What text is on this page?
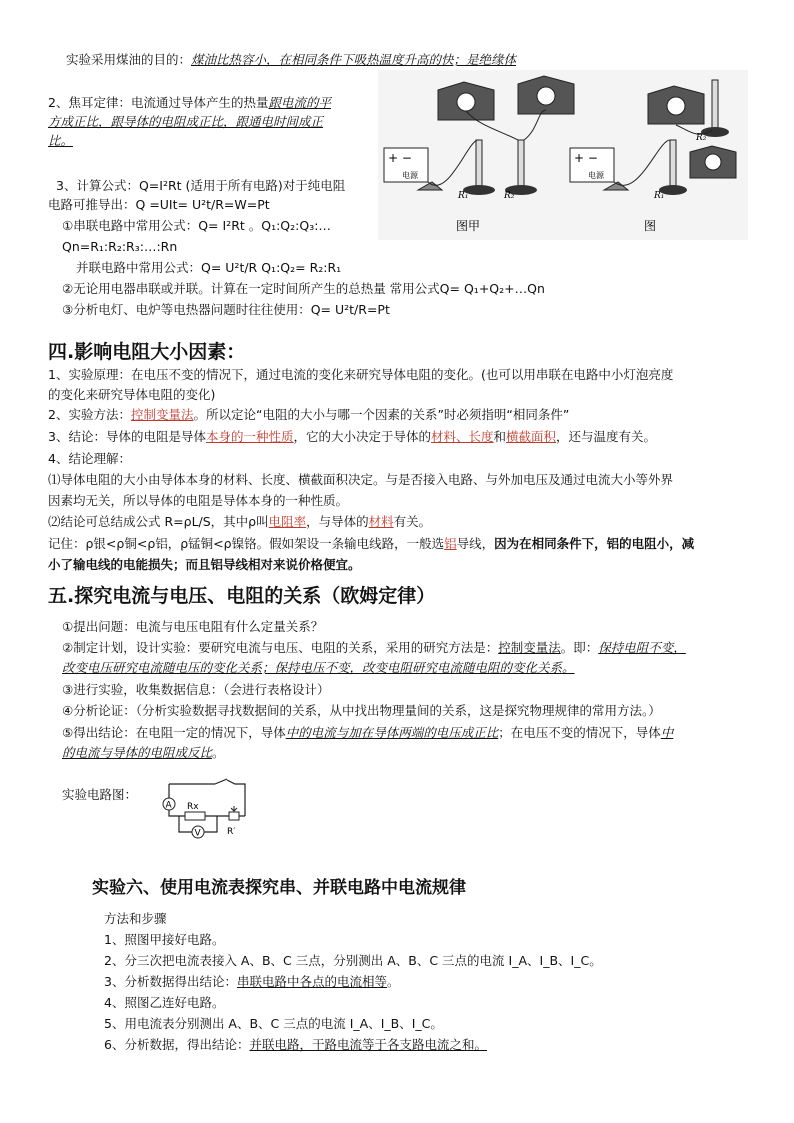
实验采用煤油的目的：煤油比热容小，在相同条件下吸热温度升高的快；是绝缘体
2、焦耳定律：电流通过导体产生的热量跟电流的平
方成正比，跟导体的电阻成正比，跟通电时间成正
比。
3、计算公式：Q=I²Rt (适用于所有电路)对于纯电阻
电路可推导出：Q =UIt= U²t/R=W=Pt
①串联电路中常用公式：Q= I²Rt 。Q₁:Q₂:Q₃:…
Qn=R₁:R₂:R₃:…:Rn
并联电路中常用公式：Q= U²t/R Q₁:Q₂= R₂:R₁
②无论用电器串联或并联。计算在一定时间所产生的总热量 常用公式Q= Q₁+Q₂+…Qn
③分析电灯、电炉等电热器问题时往往使用：Q= U²t/R=Pt
电源
+ −
R₁	R₂
电源
+ −
R₁
R₂
图甲	图
四.影响电阻大小因素：
1、实验原理：在电压不变的情况下，通过电流的变化来研究导体电阻的变化。(也可以用串联在电路中小灯泡亮度
的变化来研究导体电阻的变化)
2、实验方法：控制变量法。所以定论“电阻的大小与哪一个因素的关系”时必须指明“相同条件”
3、结论：导体的电阻是导体本身的一种性质，它的大小决定于导体的材料、长度和横截面积，还与温度有关。
4、结论理解：
⑴导体电阻的大小由导体本身的材料、长度、横截面积决定。与是否接入电路、与外加电压及通过电流大小等外界
因素均无关，所以导体的电阻是导体本身的一种性质。
⑵结论可总结成公式 R=ρL/S，其中ρ叫电阻率，与导体的材料有关。
记住：ρ银<ρ铜<ρ铝，ρ锰铜<ρ镍铬。假如架设一条输电线路，一般选铝导线，因为在相同条件下，铝的电阻小，减
小了输电线的电能损失；而且铝导线相对来说价格便宜。
五.探究电流与电压、电阻的关系（欧姆定律）
①提出问题：电流与电压电阻有什么定量关系？
②制定计划，设计实验：要研究电流与电压、电阻的关系，采用的研究方法是：控制变量法。即：保持电阻不变，
改变电压研究电流随电压的变化关系；保持电压不变，改变电阻研究电流随电阻的变化关系。
③进行实验，收集数据信息：（会进行表格设计）
④分析论证：（分析实验数据寻找数据间的关系，从中找出物理量间的关系，这是探究物理规律的常用方法。）
⑤得出结论：在电阻一定的情况下，导体中的电流与加在导体两端的电压成正比；在电压不变的情况下，导体中
的电流与导体的电阻成反比。
实验电路图：
A Rx
R′
V
实验六、使用电流表探究串、并联电路中电流规律
方法和步骤
1、照图甲接好电路。
2、分三次把电流表接入 A、B、C 三点，分别测出 A、B、C 三点的电流 I_A、I_B、I_C。
3、分析数据得出结论：串联电路中各点的电流相等。
4、照图乙连好电路。
5、用电流表分别测出 A、B、C 三点的电流 I_A、I_B、I_C。
6、分析数据，得出结论：并联电路，干路电流等于各支路电流之和。
